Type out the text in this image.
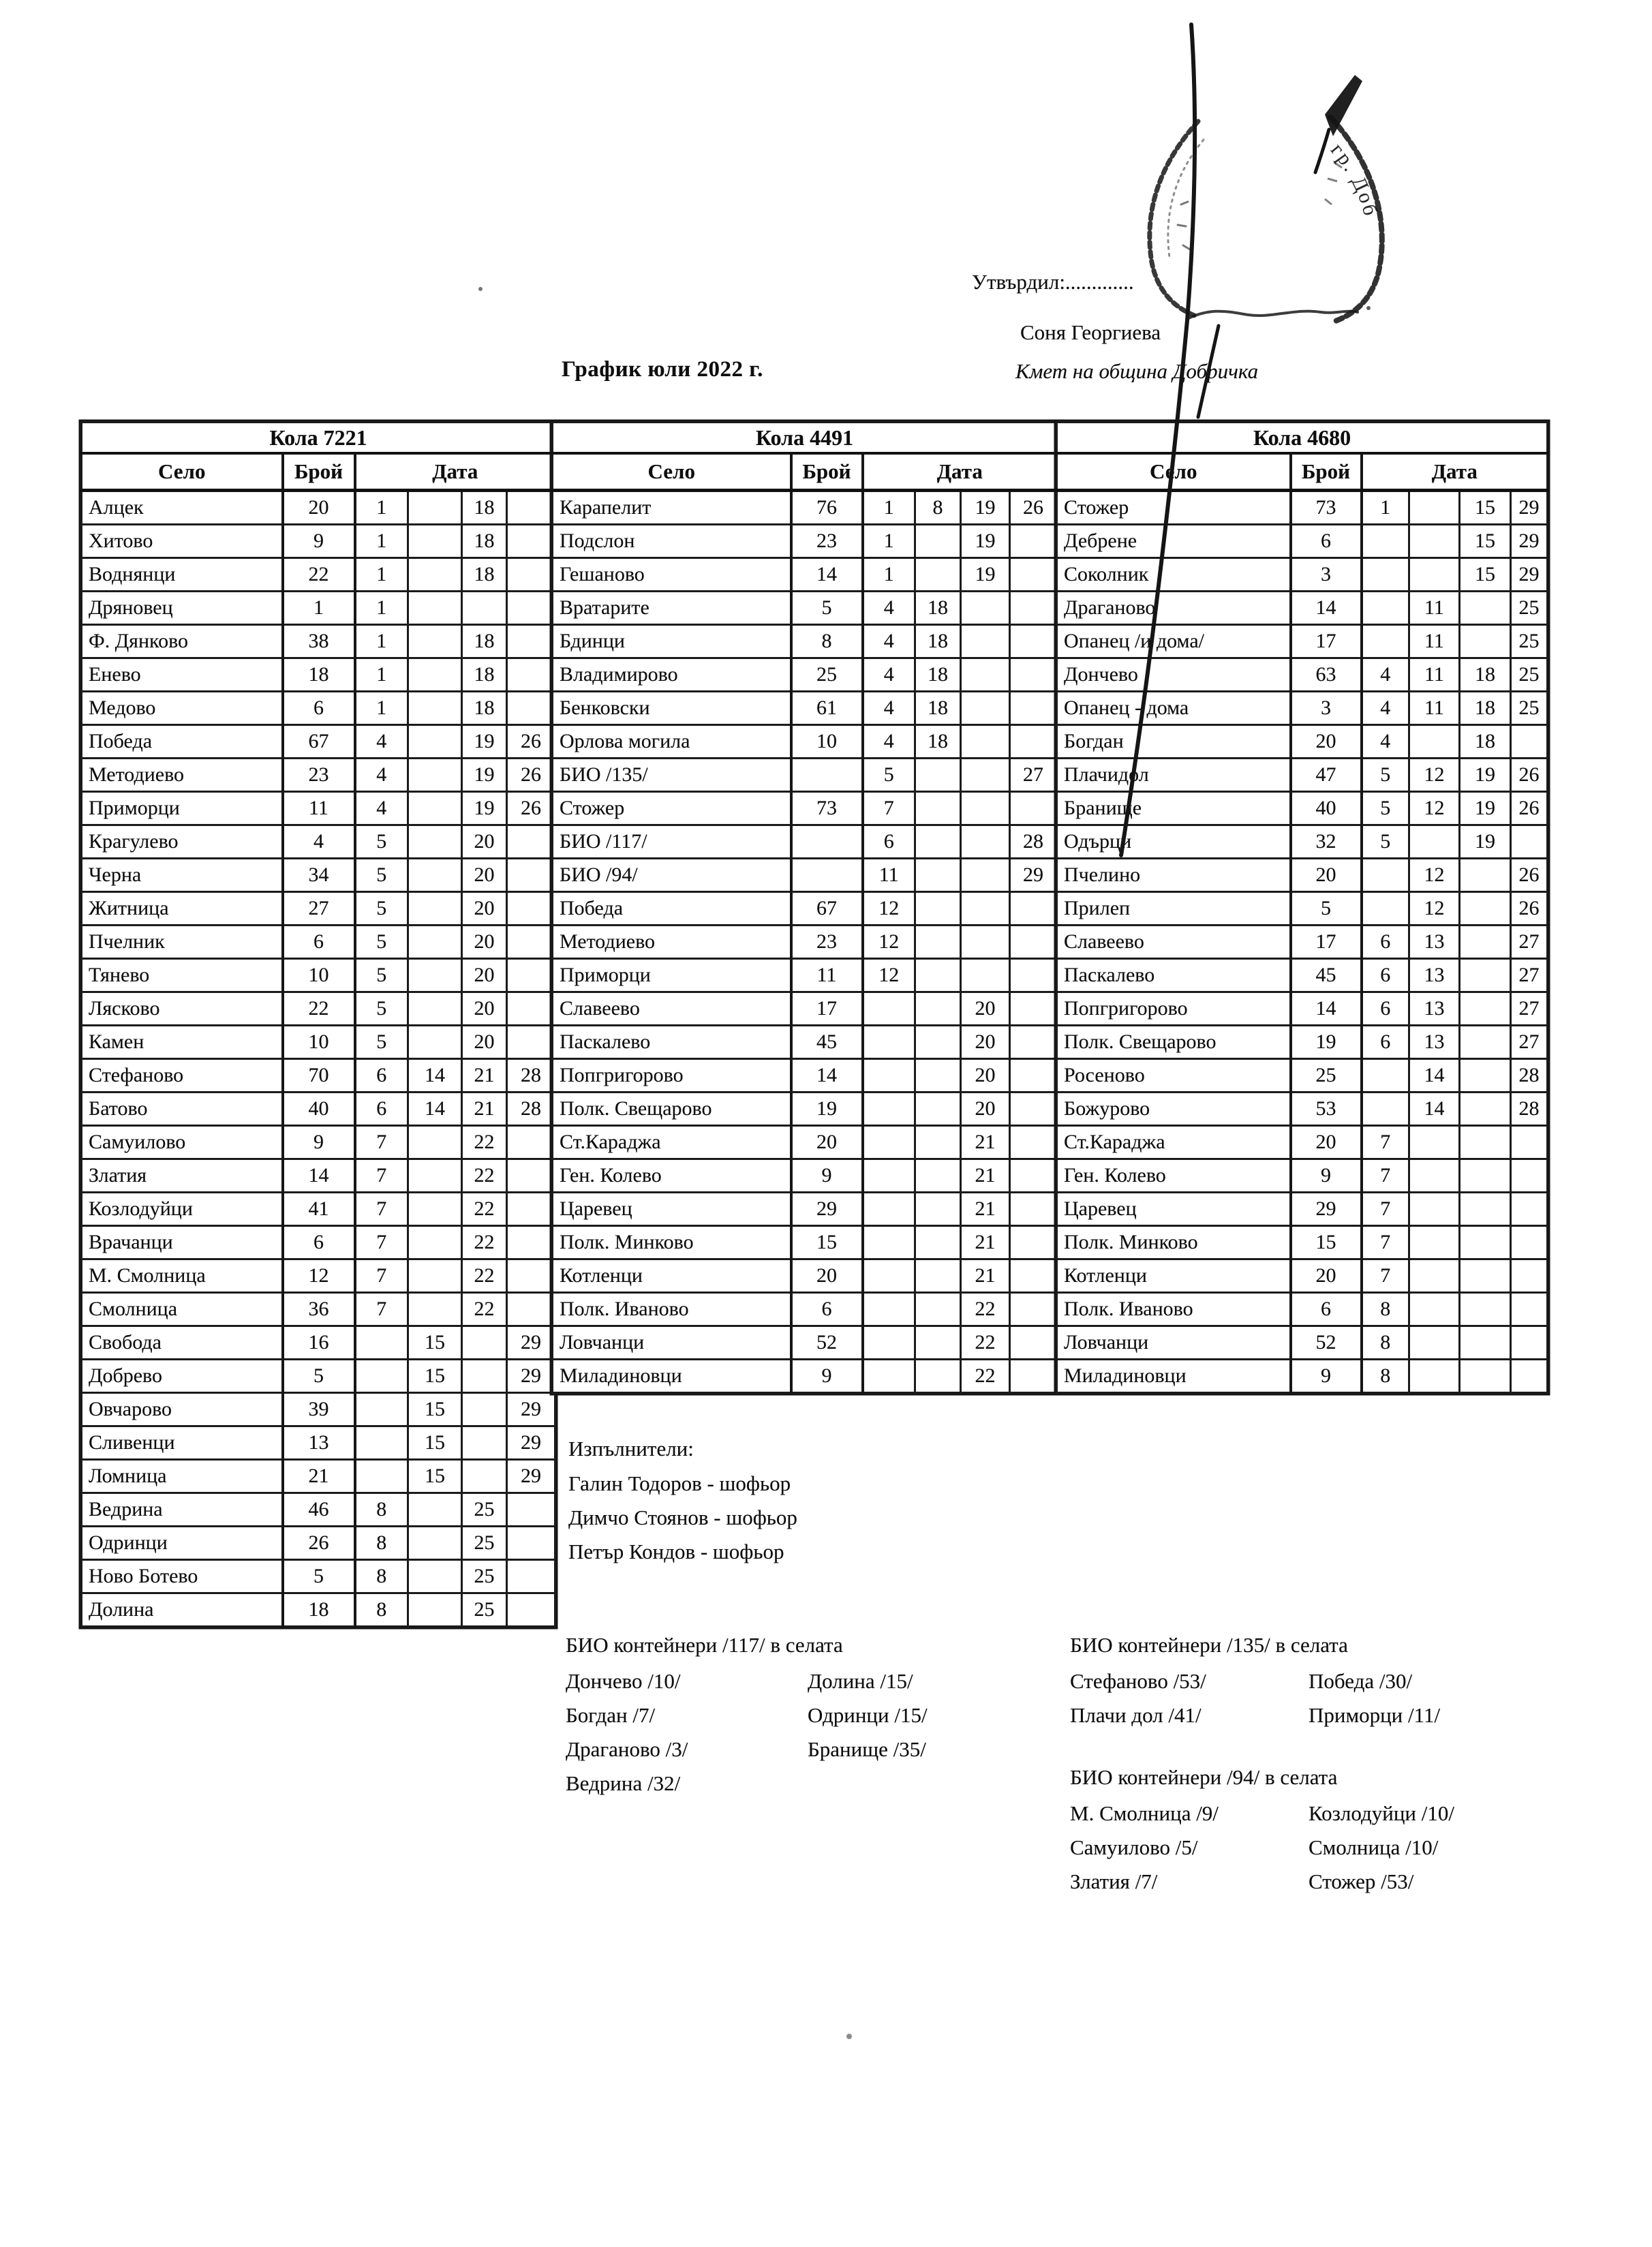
Утвърдил:.............
Соня Георгиева
Кмет на община Добричка
График юли 2022 г.
Кола 7221					
Село	Брой	Дата			
Алцек	20	1		18	
Хитово	9	1		18	
Воднянци	22	1		18	
Дряновец	1	1			
Ф. Дянково	38	1		18	
Енево	18	1		18	
Медово	6	1		18	
Победа	67	4		19	26
Методиево	23	4		19	26
Приморци	11	4		19	26
Крагулево	4	5		20	
Черна	34	5		20	
Житница	27	5		20	
Пчелник	6	5		20	
Тянево	10	5		20	
Лясково	22	5		20	
Камен	10	5		20	
Стефаново	70	6	14	21	28
Батово	40	6	14	21	28
Самуилово	9	7		22	
Златия	14	7		22	
Козлодуйци	41	7		22	
Врачанци	6	7		22	
М. Смолница	12	7		22	
Смолница	36	7		22	
Свобода	16		15		29
Добрево	5		15		29
Овчарово	39		15		29
Сливенци	13		15		29
Ломница	21		15		29
Ведрина	46	8		25	
Одринци	26	8		25	
Ново Ботево	5	8		25	
Долина	18	8		25	
Кола 4491					
Село	Брой	Дата			
Карапелит	76	1	8	19	26
Подслон	23	1		19	
Гешаново	14	1		19	
Вратарите	5	4	18		
Бдинци	8	4	18		
Владимирово	25	4	18		
Бенковски	61	4	18		
Орлова могила	10	4	18		
БИО /135/		5			27
Стожер	73	7			
БИО /117/		6			28
БИО /94/		11			29
Победа	67	12			
Методиево	23	12			
Приморци	11	12			
Славеево	17			20	
Паскалево	45			20	
Попгригорово	14			20	
Полк. Свещарово	19			20	
Ст.Караджа	20			21	
Ген. Колево	9			21	
Царевец	29			21	
Полк. Минково	15			21	
Котленци	20			21	
Полк. Иваново	6			22	
Ловчанци	52			22	
Миладиновци	9			22	
Кола 4680					
Село	Брой	Дата			
Стожер	73	1		15	29
Дебрене	6			15	29
Соколник	3			15	29
Драганово	14		11		25
Опанец /и дома/	17		11		25
Дончево	63	4	11	18	25
Опанец - дома	3	4	11	18	25
Богдан	20	4		18	
Плачидол	47	5	12	19	26
Бранище	40	5	12	19	26
Одърци	32	5		19	
Пчелино	20		12		26
Прилеп	5		12		26
Славеево	17	6	13		27
Паскалево	45	6	13		27
Попгригорово	14	6	13		27
Полк. Свещарово	19	6	13		27
Росеново	25		14		28
Божурово	53		14		28
Ст.Караджа	20	7			
Ген. Колево	9	7			
Царевец	29	7			
Полк. Минково	15	7			
Котленци	20	7			
Полк. Иваново	6	8			
Ловчанци	52	8			
Миладиновци	9	8			
Изпълнители:
Галин Тодоров - шофьор
Димчо Стоянов - шофьор
Петър Кондов - шофьор
БИО контейнери /117/ в селата
Дончево /10/
Богдан /7/
Драганово /3/
Ведрина /32/
Долина /15/
Одринци /15/
Бранище /35/
БИО контейнери /135/ в селата
Стефаново /53/
Плачи дол /41/
Победа /30/
Приморци /11/
БИО контейнери /94/ в селата
М. Смолница /9/
Самуилово /5/
Златия /7/
Козлодуйци /10/
Смолница /10/
Стожер /53/
гр. Доб
